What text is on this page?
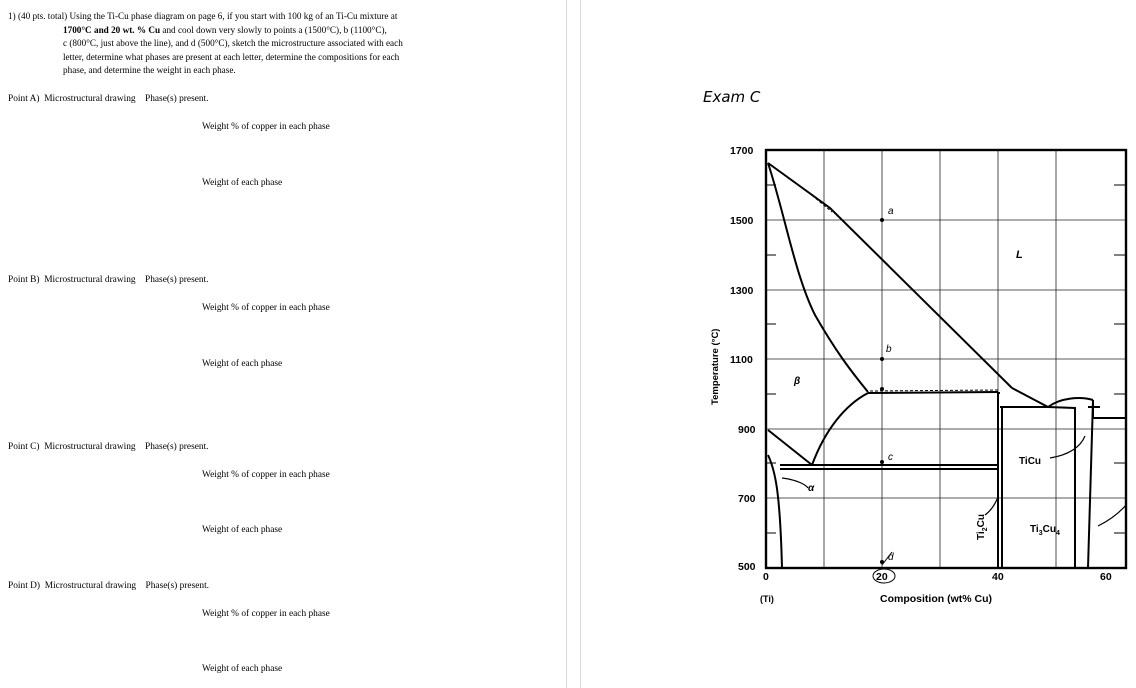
1) (40 pts. total) Using the Ti-Cu phase diagram on page 6, if you start with 100 kg of an Ti-Cu mixture at
1700°C and 20 wt. % Cu and cool down very slowly to points a (1500°C), b (1100°C),
c (800°C, just above the line), and d (500°C), sketch the microstructure associated with each
letter, determine what phases are present at each letter, determine the compositions for each
phase, and determine the weight in each phase.
Point A) Microstructural drawing Phase(s) present.
Weight % of copper in each phase
Weight of each phase
Point B) Microstructural drawing Phase(s) present.
Weight % of copper in each phase
Weight of each phase
Point C) Microstructural drawing Phase(s) present.
Weight % of copper in each phase
Weight of each phase
Point D) Microstructural drawing Phase(s) present.
Weight % of copper in each phase
Weight of each phase
Exam C
1700
1500
1300
1100
900
700
500
0	20	40	60
(Ti)	Composition (wt% Cu)
Temperature (°C)
L
β
α
TiCu
$Ti_2Cu$
$Ti_3Cu_4$
a
b
c
d
